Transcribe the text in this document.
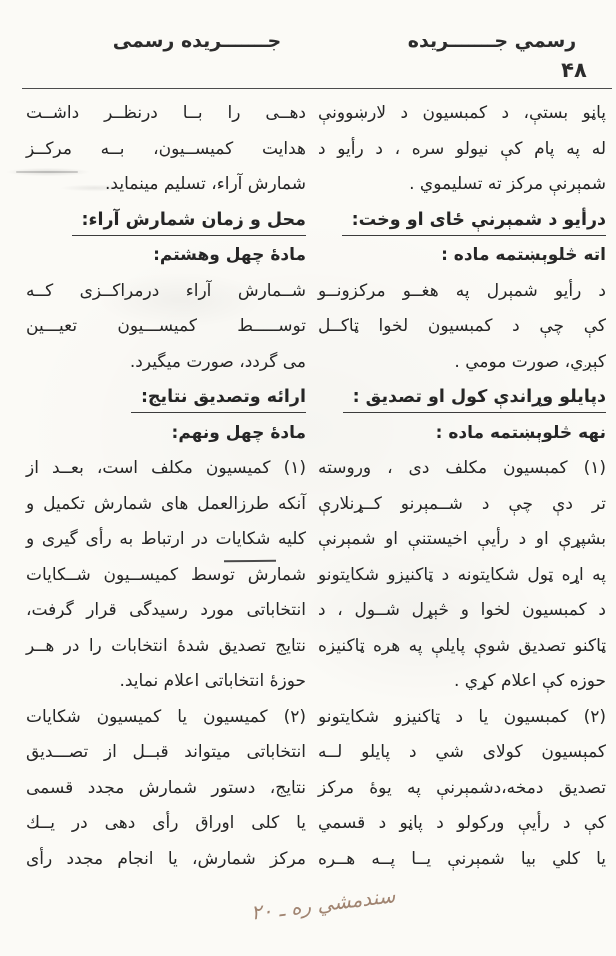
رسمي جـــــــريده
جـــــــريده رسمى
۴۸
پاڼو بستې، د كمبسيون د لارښوونې
له په پام كې نيولو سره ، د رأيو د
شمېرنې مركز ته تسليموي .
درأيو د شمېرنې ځاى او وخت:
اته څلوېښتمه ماده :
د رأيو شمېرل په هغــو مركزونــو
كې چې د كمبسيون لخوا ټاكــل
كېږي، صورت مومي .
دپايلو وړاندې كول او تصديق :
نهه څلوېښتمه ماده :
(۱) كمبسيون مكلف دى ، وروسته
تر دې چې د شــمېرنو كــړنلارې
بشپړې او د رأيې اخيستنې او شمېرنې
په اړه ټول شكايتونه د ټاكنيزو شكايتونو
د كمبسيون لخوا و څېړل شــول ، د
ټاكنو تصديق شوې پايلې په هره ټاكنيزه
حوزه كې اعلام كړي .
(۲) كمبسيون يا د ټاكنيزو شكايتونو
كمېسيون كولاى شي د پايلو لــه
تصديق دمخه،دشمېرنې په يوۀ مركز
كې د رأيې وركولو د پاڼو د قسمي
يا كلي بيا شمېرنې يــا پــه هــره
دهــى را بــا درنظــر داشــت
هدايت كميســيون، بــه مركــز
شمارش آراء، تسليم مينمايد.
محل و زمان شمارش آراء:
مادۀ چهل وهشتم:
شــمارش آراء درمراكــزى كــه
توســـــط كميســـيون تعيـــين
مى گردد، صورت ميگيرد.
ارائه وتصديق نتايج:
مادۀ چهل ونهم:
(۱) كميسيون مكلف است، بعــد از
آنكه طرزالعمل هاى شمارش تكميل و
كليه شكايات در ارتباط به رأى گيرى و
شمارش توسط كميســيون شــكايات
انتخاباتى مورد رسيدگى قرار گرفت،
نتايج تصديق شدۀ انتخابات را در هــر
حوزۀ انتخاباتى اعلام نمايد.
(۲) كميسيون يا كميسيون شكايات
انتخاباتى ميتواند قبــل از تصـــديق
نتايج، دستور شمارش مجدد قسمى
يا كلى اوراق رأى دهى در يــك
مركز شمارش، يا انجام مجدد رأى
سندمشي ره ـ ۲۰
